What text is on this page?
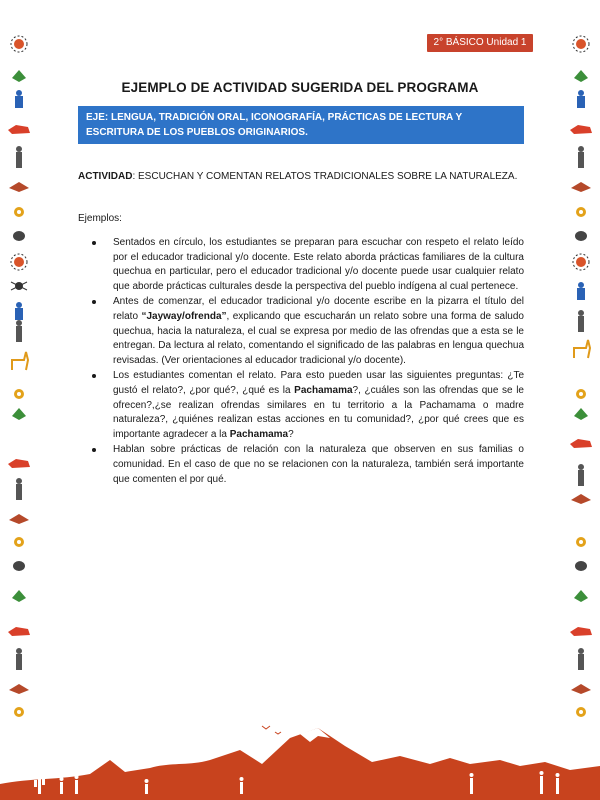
2° BÁSICO Unidad 1
EJEMPLO DE ACTIVIDAD SUGERIDA DEL PROGRAMA
EJE: LENGUA, TRADICIÓN ORAL, ICONOGRAFÍA, PRÁCTICAS DE LECTURA Y ESCRITURA DE LOS PUEBLOS ORIGINARIOS.
ACTIVIDAD: ESCUCHAN Y COMENTAN RELATOS TRADICIONALES SOBRE LA NATURALEZA.
Ejemplos:
Sentados en círculo, los estudiantes se preparan para escuchar con respeto el relato leído por el educador tradicional y/o docente. Este relato aborda prácticas familiares de la cultura quechua en particular, pero el educador tradicional y/o docente puede usar cualquier relato que aborde prácticas culturales desde la perspectiva del pueblo indígena al cual pertenece.
Antes de comenzar, el educador tradicional y/o docente escribe en la pizarra el título del relato “Jayway/ofrenda”, explicando que escucharán un relato sobre una forma de saludo quechua, hacia la naturaleza, el cual se expresa por medio de las ofrendas que a esta se le entregan. Da lectura al relato, comentando el significado de las palabras en lengua quechua revisadas. (Ver orientaciones al educador tradicional y/o docente).
Los estudiantes comentan el relato. Para esto pueden usar las siguientes preguntas: ¿Te gustó el relato?, ¿por qué?, ¿qué es la Pachamama?, ¿cuáles son las ofrendas que se le ofrecen?,¿se realizan ofrendas similares en tu territorio a la Pachamama o madre naturaleza?, ¿quiénes realizan estas acciones en tu comunidad?, ¿por qué crees que es importante agradecer a la Pachamama?
Hablan sobre prácticas de relación con la naturaleza que observen en sus familias o comunidad. En el caso de que no se relacionen con la naturaleza, también será importante que comenten el por qué.
